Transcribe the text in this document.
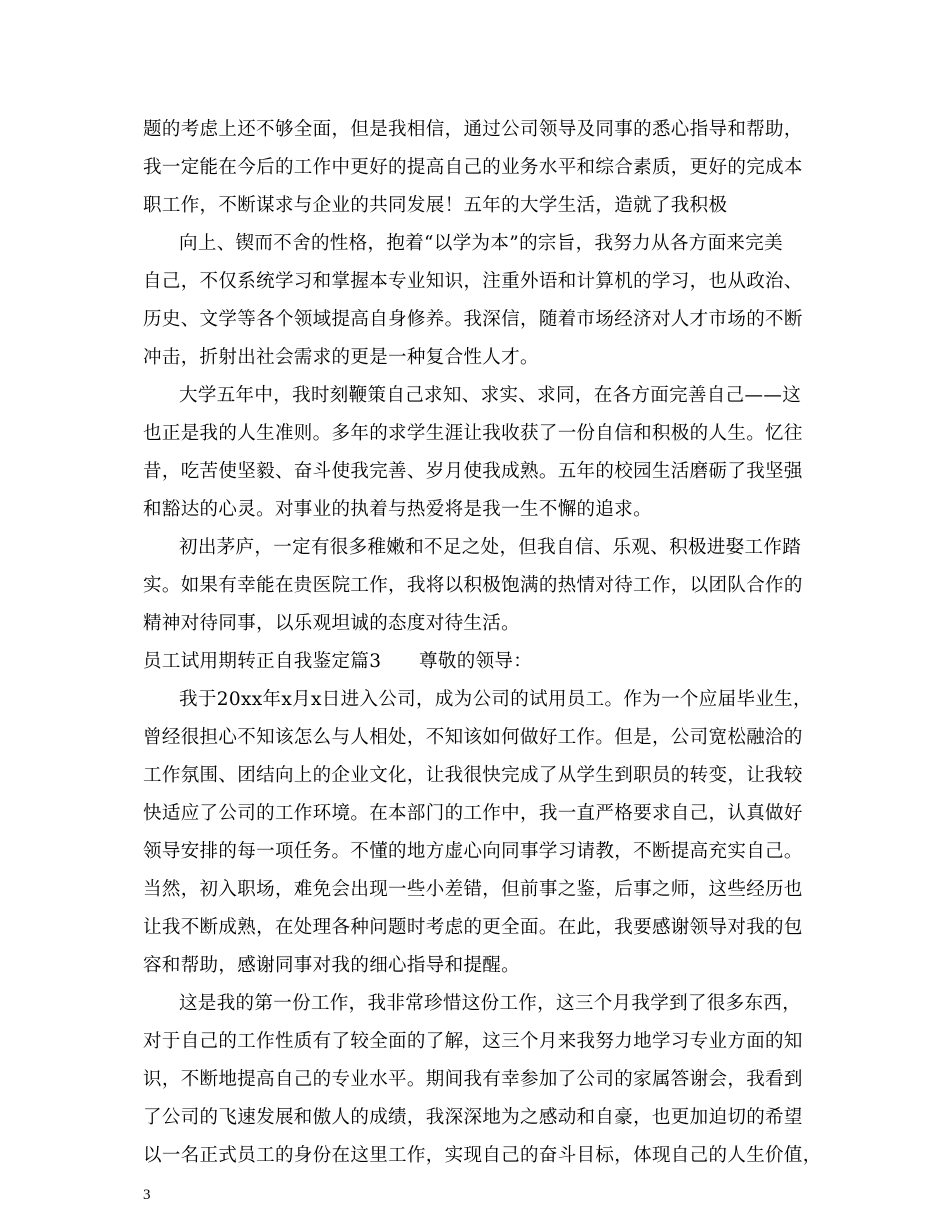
题的考虑上还不够全面，但是我相信，通过公司领导及同事的悉心指导和帮助，
我一定能在今后的工作中更好的提高自己的业务水平和综合素质，更好的完成本
职工作，不断谋求与企业的共同发展！五年的大学生活，造就了我积极
向上、锲而不舍的性格，抱着“以学为本”的宗旨，我努力从各方面来完美
自己，不仅系统学习和掌握本专业知识，注重外语和计算机的学习，也从政治、
历史、文学等各个领域提高自身修养。我深信，随着市场经济对人才市场的不断
冲击，折射出社会需求的更是一种复合性人才。
大学五年中，我时刻鞭策自己求知、求实、求同，在各方面完善自己——这
也正是我的人生准则。多年的求学生涯让我收获了一份自信和积极的人生。忆往
昔，吃苦使坚毅、奋斗使我完善、岁月使我成熟。五年的校园生活磨砺了我坚强
和豁达的心灵。对事业的执着与热爱将是我一生不懈的追求。
初出茅庐，一定有很多稚嫩和不足之处，但我自信、乐观、积极进娶工作踏
实。如果有幸能在贵医院工作，我将以积极饱满的热情对待工作，以团队合作的
精神对待同事，以乐观坦诚的态度对待生活。
员工试用期转正自我鉴定篇3　　尊敬的领导：
我于20xx年x月x日进入公司，成为公司的试用员工。作为一个应届毕业生，
曾经很担心不知该怎么与人相处，不知该如何做好工作。但是，公司宽松融洽的
工作氛围、团结向上的企业文化，让我很快完成了从学生到职员的转变，让我较
快适应了公司的工作环境。在本部门的工作中，我一直严格要求自己，认真做好
领导安排的每一项任务。不懂的地方虚心向同事学习请教，不断提高充实自己。
当然，初入职场，难免会出现一些小差错，但前事之鉴，后事之师，这些经历也
让我不断成熟，在处理各种问题时考虑的更全面。在此，我要感谢领导对我的包
容和帮助，感谢同事对我的细心指导和提醒。
这是我的第一份工作，我非常珍惜这份工作，这三个月我学到了很多东西，
对于自己的工作性质有了较全面的了解，这三个月来我努力地学习专业方面的知
识，不断地提高自己的专业水平。期间我有幸参加了公司的家属答谢会，我看到
了公司的飞速发展和傲人的成绩，我深深地为之感动和自豪，也更加迫切的希望
以一名正式员工的身份在这里工作，实现自己的奋斗目标，体现自己的人生价值，
3
